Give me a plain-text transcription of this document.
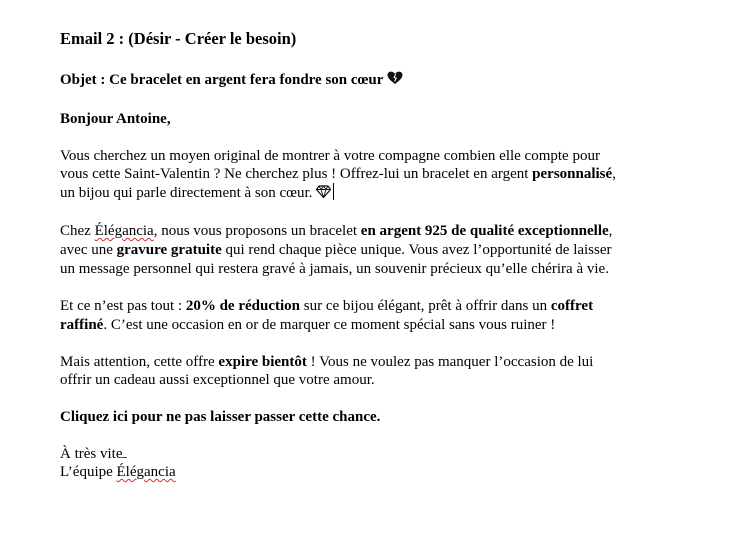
Email 2 : (Désir - Créer le besoin)
Objet : Ce bracelet en argent fera fondre son cœur
Bonjour Antoine,
Vous cherchez un moyen original de montrer à votre compagne combien elle compte pour
vous cette Saint-Valentin ? Ne cherchez plus ! Offrez-lui un bracelet en argent personnalisé,
un bijou qui parle directement à son cœur.
Chez Élégancia, nous vous proposons un bracelet en argent 925 de qualité exceptionnelle,
avec une gravure gratuite qui rend chaque pièce unique. Vous avez l’opportunité de laisser
un message personnel qui restera gravé à jamais, un souvenir précieux qu’elle chérira à vie.
Et ce n’est pas tout : 20% de réduction sur ce bijou élégant, prêt à offrir dans un coffret
raffiné. C’est une occasion en or de marquer ce moment spécial sans vous ruiner !
Mais attention, cette offre expire bientôt ! Vous ne voulez pas manquer l’occasion de lui
offrir un cadeau aussi exceptionnel que votre amour.
Cliquez ici pour ne pas laisser passer cette chance.
À très vite
L’équipe Élégancia
